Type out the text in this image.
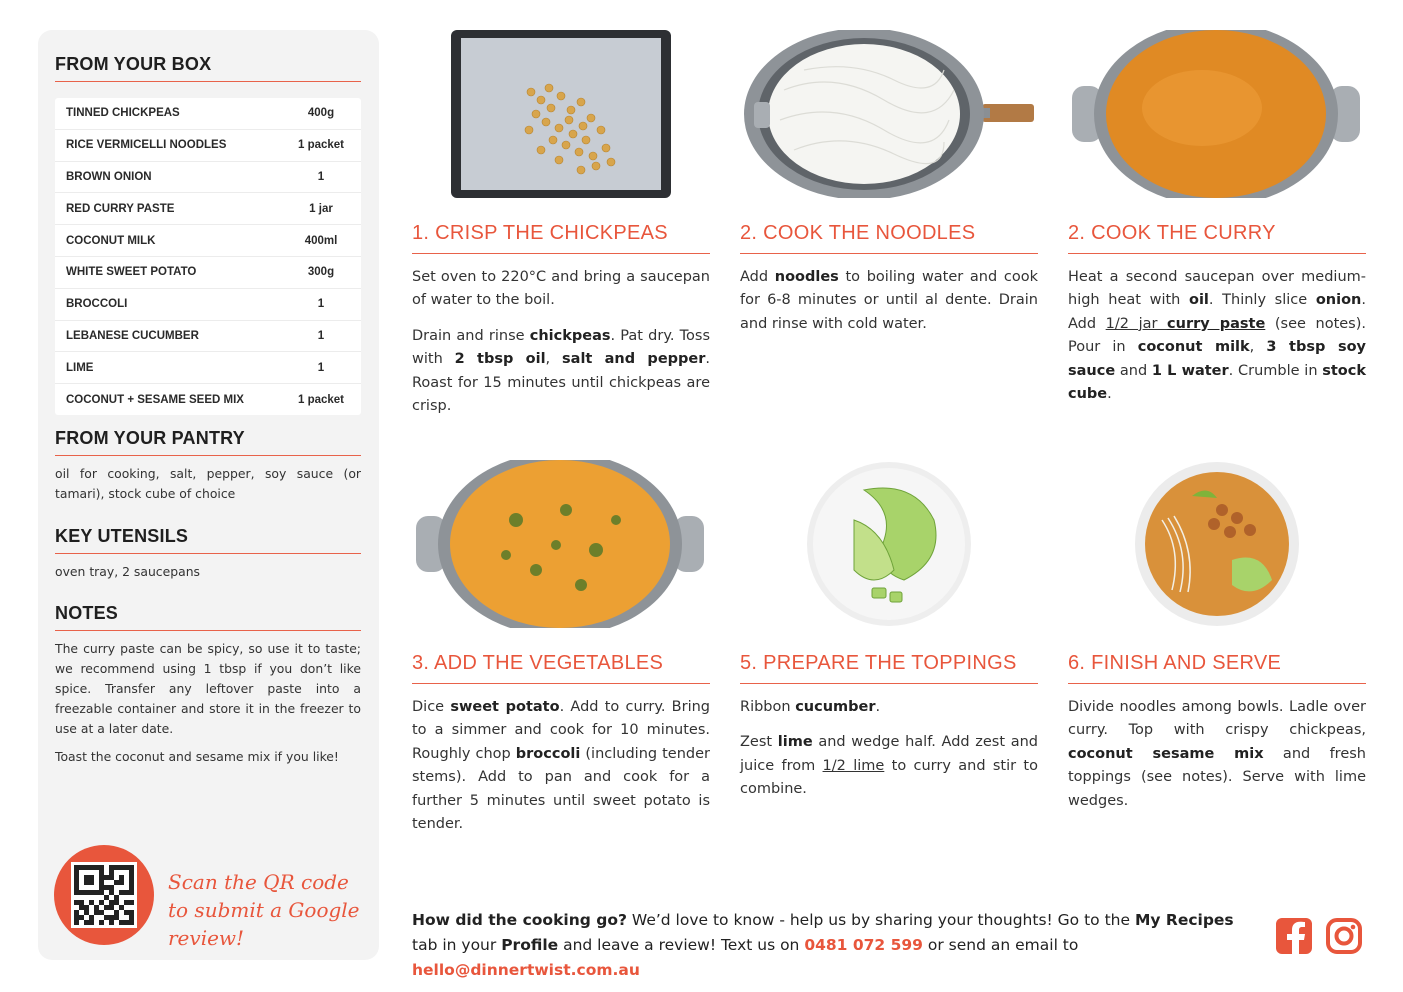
FROM YOUR BOX
TINNED CHICKPEAS	400g
RICE VERMICELLI NOODLES	1 packet
BROWN ONION	1
RED CURRY PASTE	1 jar
COCONUT MILK	400ml
WHITE SWEET POTATO	300g
BROCCOLI	1
LEBANESE CUCUMBER	1
LIME	1
COCONUT + SESAME SEED MIX	1 packet
FROM YOUR PANTRY

oil for cooking, salt, pepper, soy sauce (or tamari), stock cube of choice

KEY UTENSILS

oven tray, 2 saucepans

NOTES

The curry paste can be spicy, so use it to taste; we recommend using 1 tbsp if you don’t like spice. Transfer any leftover paste into a freezable container and store it in the freezer to use at a later date.

Toast the coconut and sesame mix if you like!

Scan the QR code to submit a Google review!
1. CRISP THE CHICKPEAS

Set oven to 220°C and bring a saucepan of water to the boil.

Drain and rinse chickpeas. Pat dry. Toss with 2 tbsp oil, salt and pepper. Roast for 15 minutes until chickpeas are crisp.

2. COOK THE NOODLES

Add noodles to boiling water and cook for 6-8 minutes or until al dente. Drain and rinse with cold water.

2. COOK THE CURRY

Heat a second saucepan over medium-high heat with oil. Thinly slice onion. Add 1/2 jar curry paste (see notes). Pour in coconut milk, 3 tbsp soy sauce and 1 L water. Crumble in stock cube.

3. ADD THE VEGETABLES

Dice sweet potato. Add to curry. Bring to a simmer and cook for 10 minutes. Roughly chop broccoli (including tender stems). Add to pan and cook for a further 5 minutes until sweet potato is tender.

5. PREPARE THE TOPPINGS

Ribbon cucumber.

Zest lime and wedge half. Add zest and juice from 1/2 lime to curry and stir to combine.

6. FINISH AND SERVE

Divide noodles among bowls. Ladle over curry. Top with crispy chickpeas, coconut sesame mix and fresh toppings (see notes). Serve with lime wedges.

How did the cooking go? We’d love to know - help us by sharing your thoughts! Go to the My Recipes tab in your Profile and leave a review! Text us on 0481 072 599 or send an email to hello@dinnertwist.com.au
